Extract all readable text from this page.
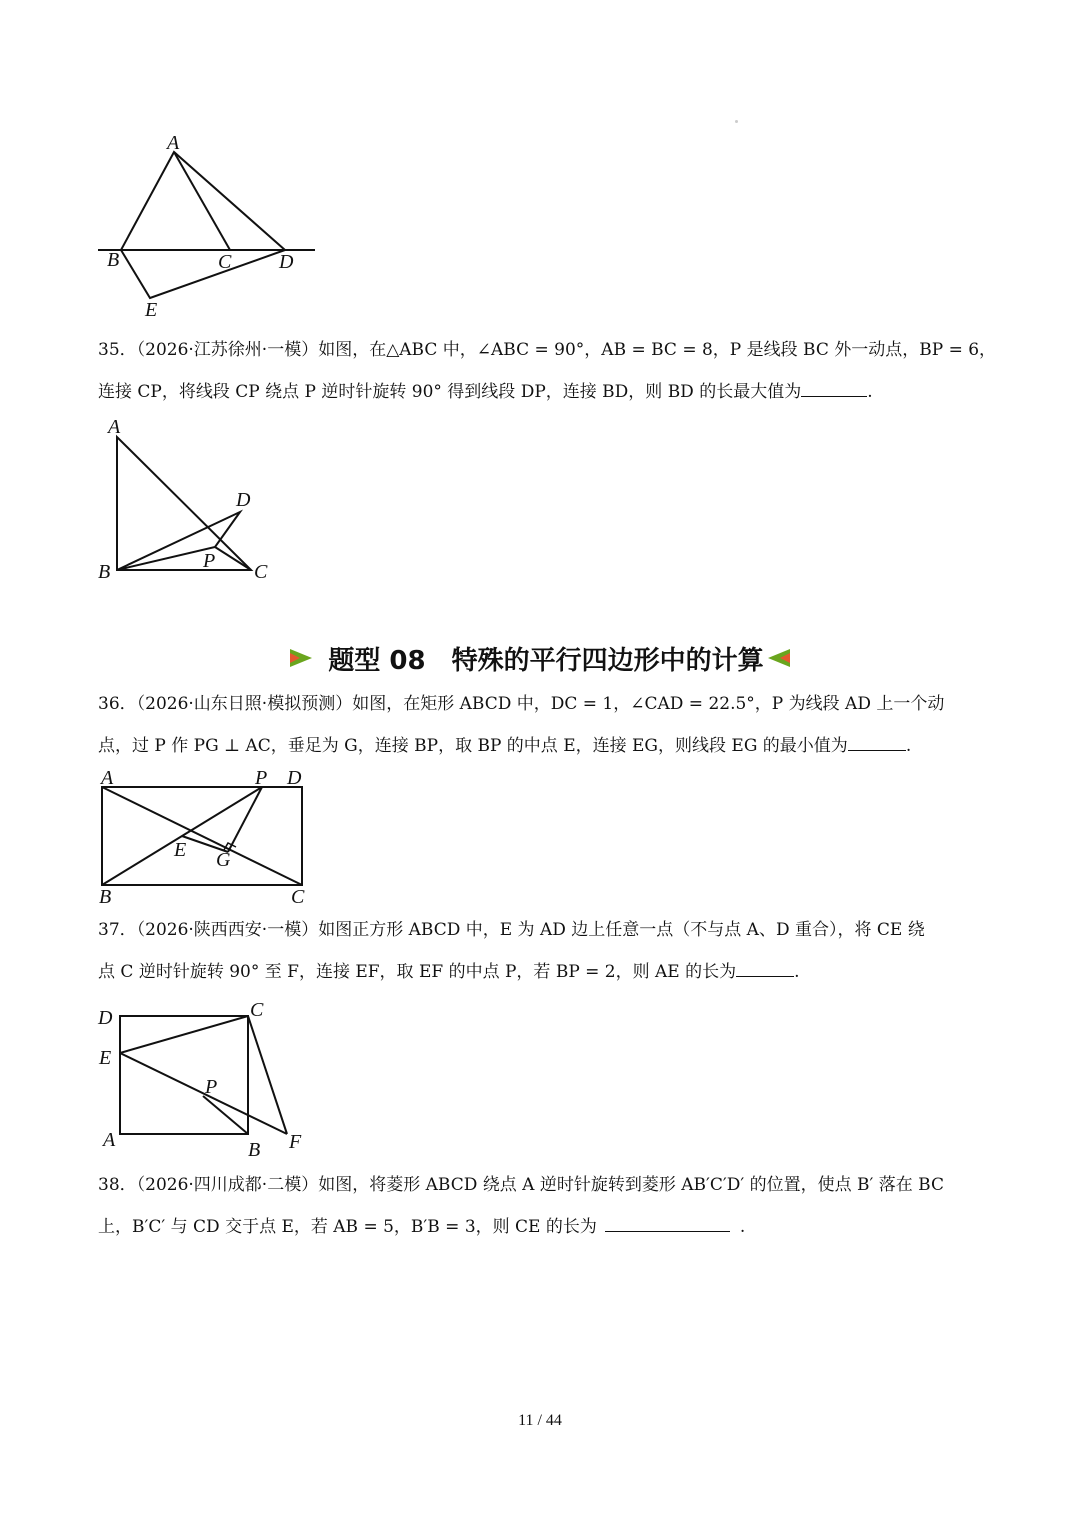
A
B	C D
E
35．（2026·江苏徐州·一模）如图，在△ABC 中，∠ABC = 90°，AB = BC = 8，P 是线段 BC 外一动点，BP = 6，
连接 CP，将线段 CP 绕点 P 逆时针旋转 90° 得到线段 DP，连接 BD，则 BD 的长最大值为	.
A
D
P
B	C
题型 08 特殊的平行四边形中的计算
36．（2026·山东日照·模拟预测）如图，在矩形 ABCD 中，DC = 1，∠CAD = 22.5°，P 为线段 AD 上一个动
点，过 P 作 PG ⊥ AC，垂足为 G，连接 BP，取 BP 的中点 E，连接 EG，则线段 EG 的最小值为	.
A	P D
E G
B	C
37．（2026·陕西西安·一模）如图正方形 ABCD 中，E 为 AD 边上任意一点（不与点 A、D 重合），将 CE 绕
点 C 逆时针旋转 90° 至 F，连接 EF，取 EF 的中点 P，若 BP = 2，则 AE 的长为	.
D	C
E
P
A	B F
38．（2026·四川成都·二模）如图，将菱形 ABCD 绕点 A 逆时针旋转到菱形 AB′C′D′ 的位置，使点 B′ 落在 BC
上，B′C′ 与 CD 交于点 E，若 AB = 5，B′B = 3，则 CE 的长为	.
11 / 44
